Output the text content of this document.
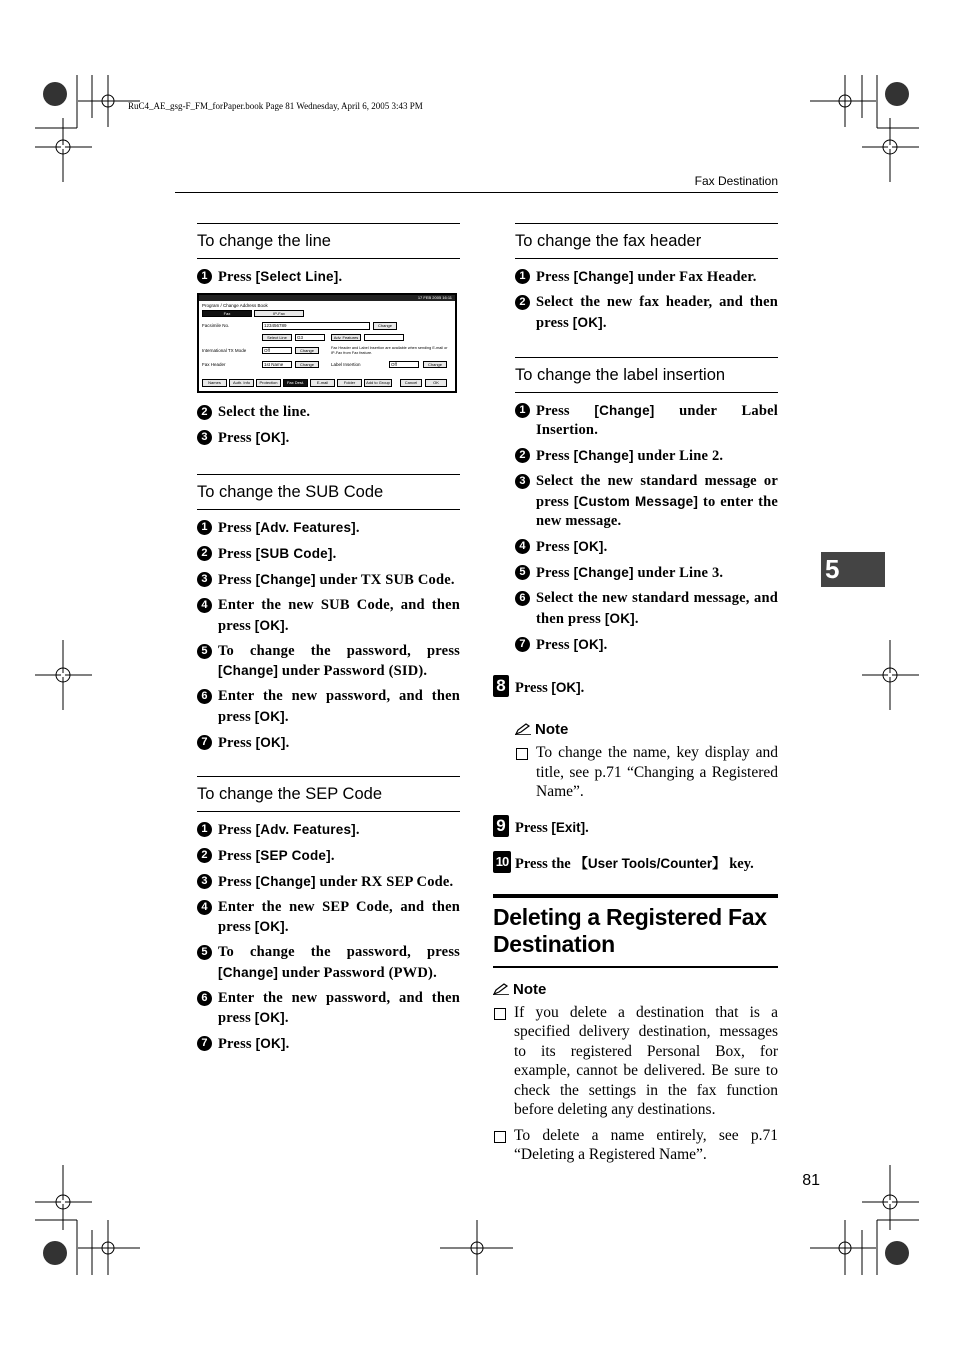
RuC4_AE_gsg-F_FM_forPaper.book Page 81 Wednesday, April 6, 2005 3:43 PM
Fax Destination
5
81
To change the line
1 Press [Select Line].
17 FEB 2005 16:11
Program / Change Address Book
Fax	IP-Fax
Facsimile No.	123456789	Change
Select Line	G3	Adv. Features
International TX Mode	Off	Change	Fax Header and Label Insertion are available when sending E-mail or IP-Fax from Fax feature.
Fax Header	1st Name	Change	Label Insertion	Off	Change
Names	Auth. Info	Protection	Fax Dest.	E-mail	Folder	Add to Group	Cancel	OK
2 Select the line.
3 Press [OK].
To change the SUB Code
1 Press [Adv. Features].
2 Press [SUB Code].
3 Press [Change] under TX SUB Code.
4 Enter the new SUB Code, and then press [OK].
5 To change the password, press [Change] under Password (SID).
6 Enter the new password, and then press [OK].
7 Press [OK].
To change the SEP Code
1 Press [Adv. Features].
2 Press [SEP Code].
3 Press [Change] under RX SEP Code.
4 Enter the new SEP Code, and then press [OK].
5 To change the password, press [Change] under Password (PWD).
6 Enter the new password, and then press [OK].
7 Press [OK].
To change the fax header
1 Press [Change] under Fax Header.
2 Select the new fax header, and then press [OK].
To change the label insertion
1 Press [Change] under Label Insertion.
2 Press [Change] under Line 2.
3 Select the new standard message or press [Custom Message] to enter the new message.
4 Press [OK].
5 Press [Change] under Line 3.
6 Select the new standard message, and then press [OK].
7 Press [OK].
8 Press [OK].
Note
To change the name, key display and title, see p.71 “Changing a Registered Name”.
9 Press [Exit].
10 Press the 【User Tools/Counter】 key.
Deleting a Registered Fax Destination
Note
If you delete a destination that is a specified delivery destination, messages to its registered Personal Box, for example, cannot be delivered. Be sure to check the settings in the fax function before deleting any destinations.
To delete a name entirely, see p.71 “Deleting a Registered Name”.
